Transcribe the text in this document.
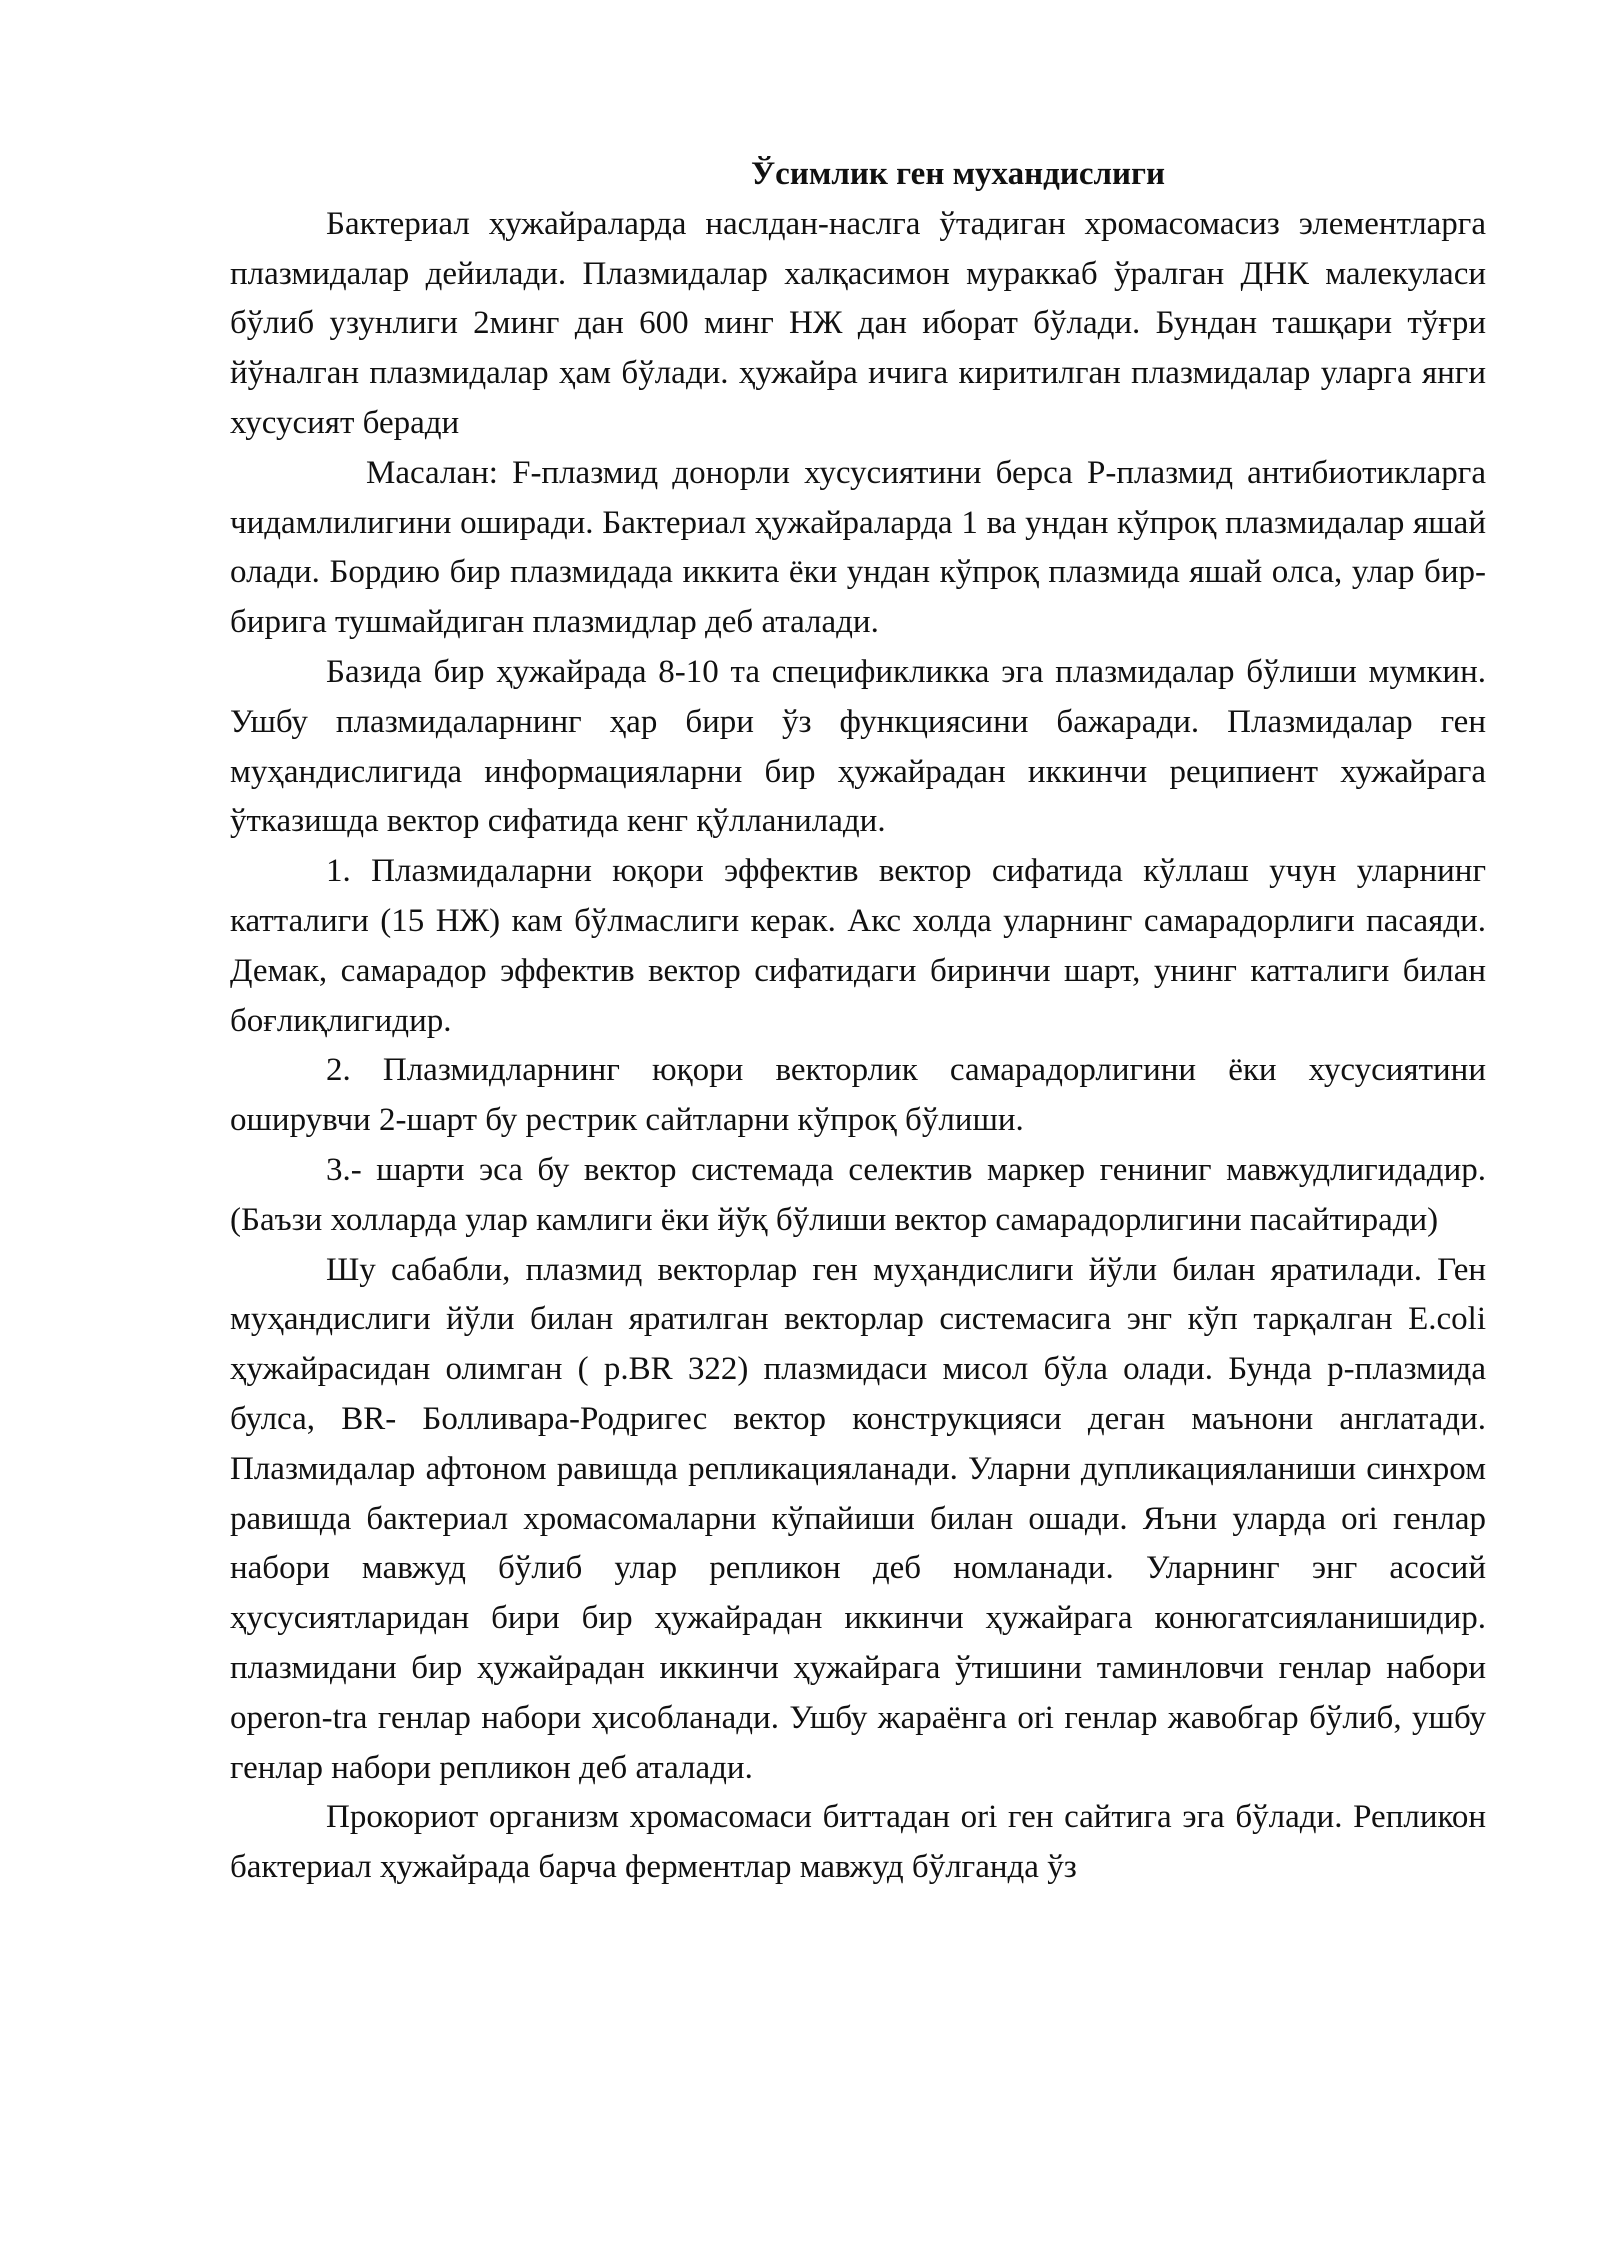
Ўсимлик ген мухандислиги

Бактериал ҳужайраларда наслдан-наслга ўтадиган хромасомасиз элементларга плазмидалар дейилади. Плазмидалар халқасимон мураккаб ўралган ДНК малекуласи бўлиб узунлиги 2минг дан 600 минг НЖ дан иборат бўлади. Бундан ташқари тўғри йўналган плазмидалар ҳам бўлади. ҳужайра ичига киритилган плазмидалар уларга янги хусусият беради

Масалан: F-плазмид донорли хусусиятини берса Р-плазмид антибиотикларга чидамлилигини оширади. Бактериал ҳужайраларда 1 ва ундан кўпроқ плазмидалар яшай олади. Бордию бир плазмидада иккита ёки ундан кўпроқ плазмида яшай олса, улар бир-бирига тушмайдиган плазмидлар деб аталади.

Базида бир ҳужайрада 8-10 та спецификликка эга плазмидалар бўлиши мумкин. Ушбу плазмидаларнинг ҳар бири ўз функциясини бажаради. Плазмидалар ген муҳандислигида информацияларни бир ҳужайрадан иккинчи реципиент хужайрага ўтказишда вектор сифатида кенг қўлланилади.

1. Плазмидаларни юқори эффектив вектор сифатида кўллаш учун уларнинг катталиги (15 НЖ) кам бўлмаслиги керак. Акс холда уларнинг самарадорлиги пасаяди. Демак, самарадор эффектив вектор сифатидаги биринчи шарт, унинг катталиги билан боғлиқлигидир.

2. Плазмидларнинг юқори векторлик самарадорлигини ёки хусусиятини оширувчи 2-шарт бу рестрик сайтларни кўпроқ бўлиши.

3.- шарти эса бу вектор системада селектив маркер гениниг мавжудлигидадир.(Баъзи холларда улар камлиги ёки йўқ бўлиши вектор самарадорлигини пасайтиради)

Шу сабабли, плазмид векторлар ген муҳандислиги йўли билан яратилади. Ген муҳандислиги йўли билан яратилган векторлар системасига энг кўп тарқалган E.coli ҳужайрасидан олимган ( p.BR 322) плазмидаси мисол бўла олади. Бунда р-плазмида булса, BR- Болливара-Родригес вектор конструкцияси деган маънони англатади. Плазмидалар афтоном равишда репликацияланади. Уларни дупликацияланиши синхром равишда бактериал хромасомаларни кўпайиши билан ошади. Яъни уларда ori генлар набори мавжуд бўлиб улар репликон деб номланади. Уларнинг энг асосий ҳусусиятларидан бири бир ҳужайрадан иккинчи ҳужайрага конюгатсияланишидир. плазмидани бир ҳужайрадан иккинчи ҳужайрага ўтишини таминловчи генлар набори operon-tra генлар набори ҳисобланади. Ушбу жараёнга ori генлар жавобгар бўлиб, ушбу генлар набори репликон деб аталади.

Прокориот организм хромасомаси биттадан ori ген сайтига эга бўлади. Репликон бактериал ҳужайрада барча ферментлар мавжуд бўлганда ўз
